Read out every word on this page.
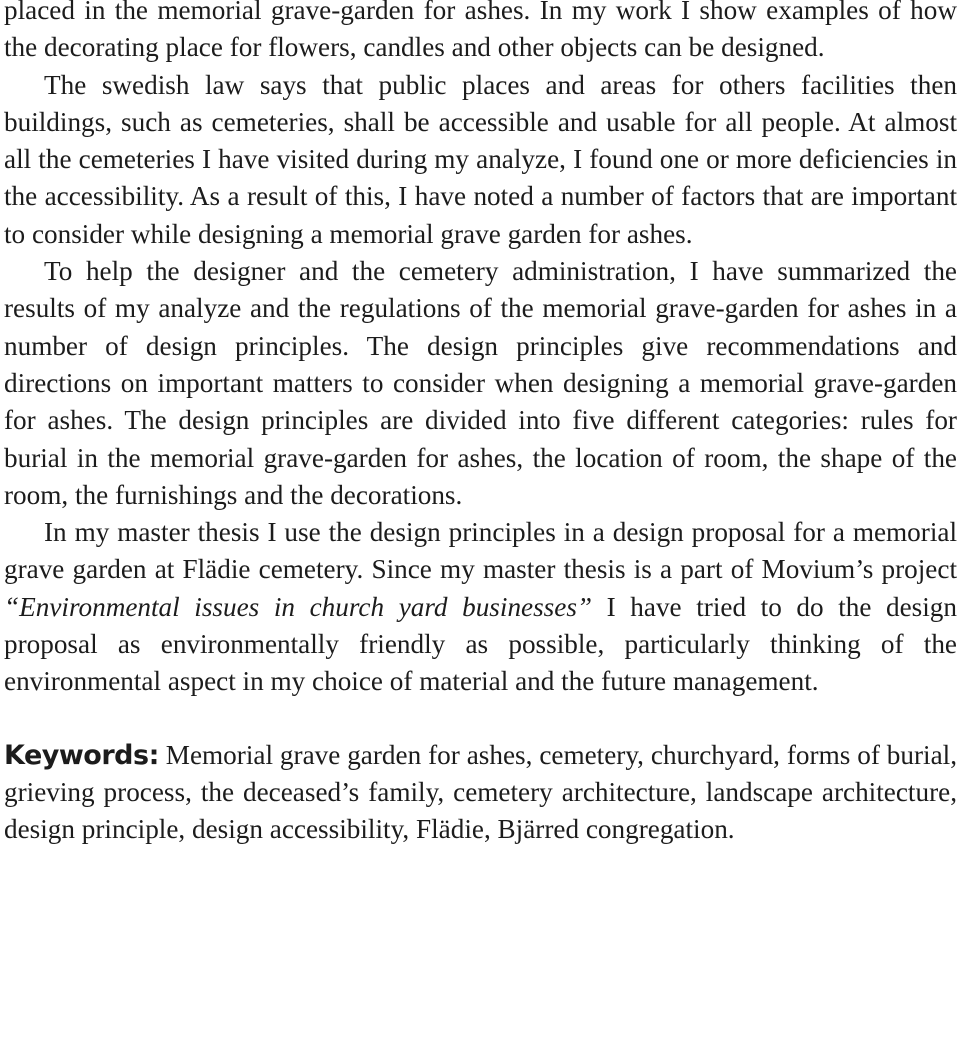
placed in the memorial grave-garden for ashes. In my work I show examples of how the decorating place for flowers, candles and other objects can be designed.

The swedish law says that public places and areas for others facilities then buildings, such as cemeteries, shall be accessible and usable for all people. At almost all the cemeteries I have visited during my analyze, I found one or more deficiencies in the accessibility. As a result of this, I have noted a number of factors that are important to consider while designing a memorial grave garden for ashes.

To help the designer and the cemetery administration, I have summarized the results of my analyze and the regulations of the memorial grave-garden for ashes in a number of design principles. The design principles give recommendations and directions on important matters to consider when designing a memorial grave-garden for ashes. The design principles are divided into five different categories: rules for burial in the memorial grave-garden for ashes, the location of room, the shape of the room, the furnishings and the decorations.

In my master thesis I use the design principles in a design proposal for a memorial grave garden at Flädie cemetery. Since my master thesis is a part of Movium’s project “Environmental issues in church yard businesses” I have tried to do the design proposal as environmentally friendly as possible, particularly thinking of the environmental aspect in my choice of material and the future management.

Keywords: Memorial grave garden for ashes, cemetery, churchyard, forms of burial, grieving process, the deceased’s family, cemetery architecture, landscape architecture, design principle, design accessibility, Flädie, Bjärred congregation.
